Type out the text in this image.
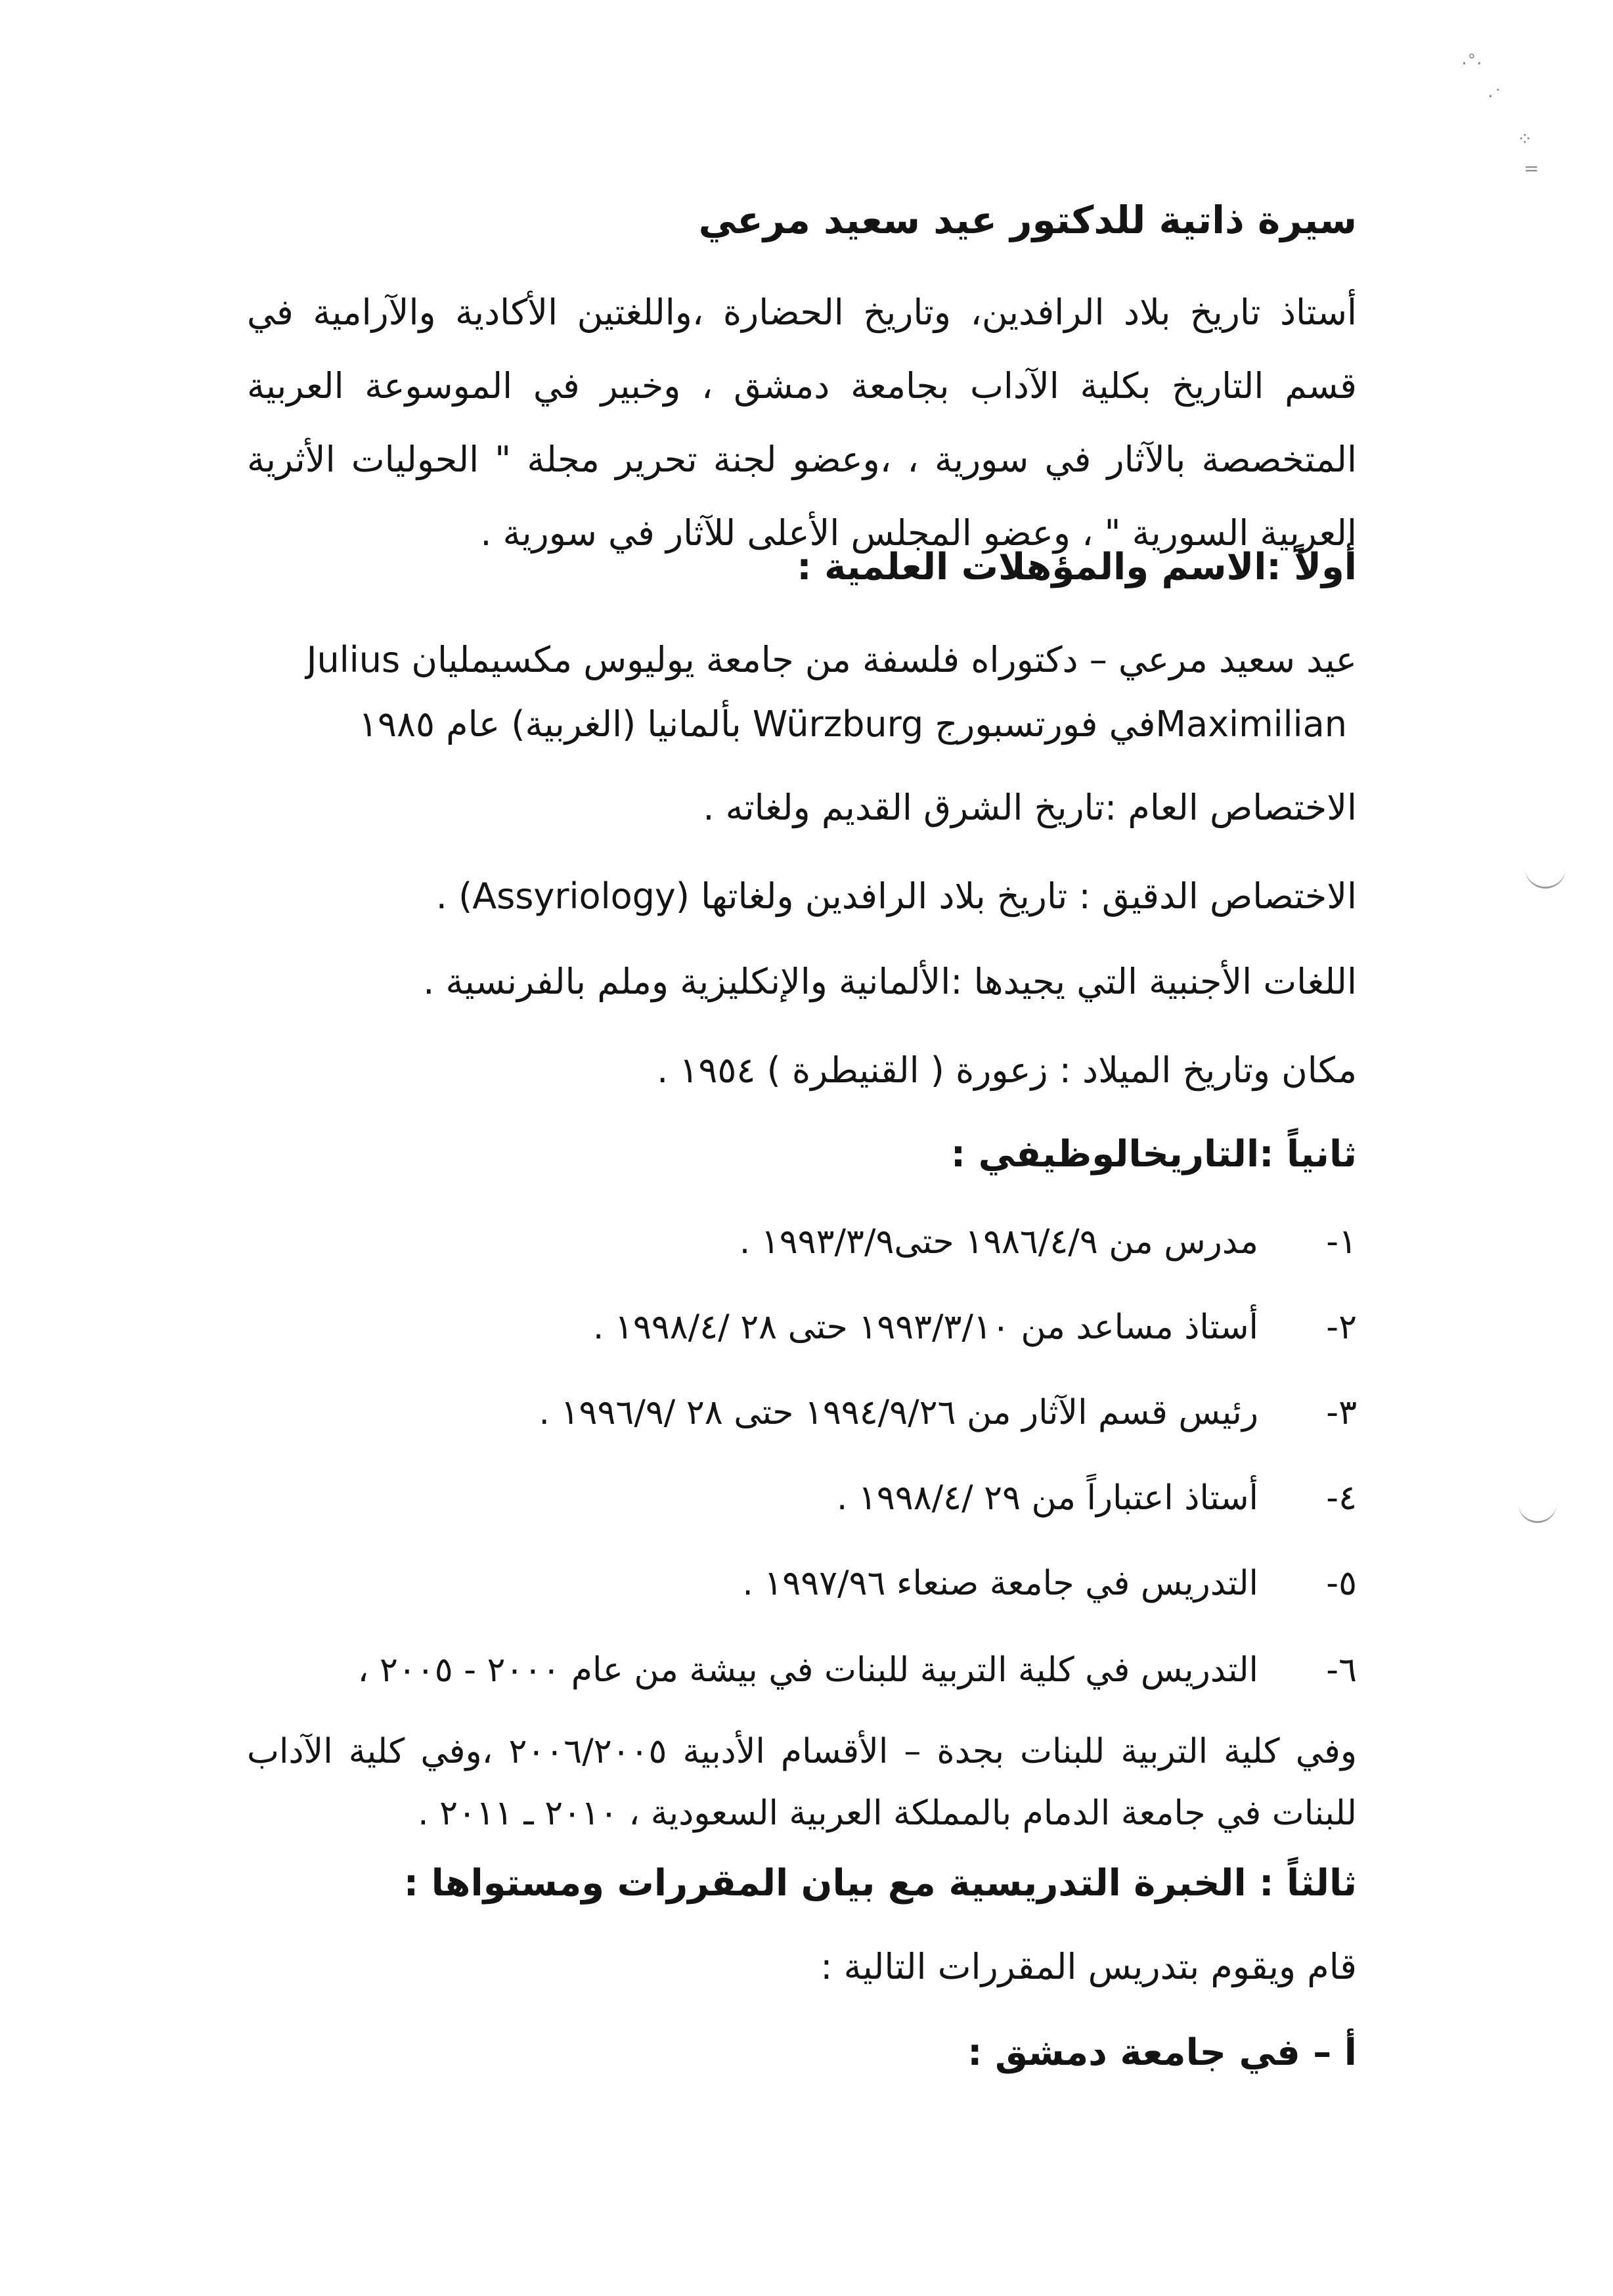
·˚·
˙·
⁘
=

سيرة ذاتية للدكتور عيد سعيد مرعي

أستاذ تاريخ بلاد الرافدين، وتاريخ الحضارة ،واللغتين الأكادية والآرامية في قسم التاريخ بكلية الآداب بجامعة دمشق ، وخبير في الموسوعة العربية المتخصصة بالآثار في سورية ، ،وعضو لجنة تحرير مجلة " الحوليات الأثرية العربية السورية " ، وعضو المجلس الأعلى للآثار في سورية .

أولاً :الاسم والمؤهلات العلمية :

عيد سعيد مرعي – دكتوراه فلسفة من جامعة يوليوس مكسيمليان Julius

Maximilianفي فورتسبورج Würzburg بألمانيا (الغربية) عام ١٩٨٥

الاختصاص العام :تاريخ الشرق القديم ولغاته .

الاختصاص الدقيق : تاريخ بلاد الرافدين ولغاتها (Assyriology) .

اللغات الأجنبية التي يجيدها :الألمانية والإنكليزية وملم بالفرنسية .

مكان وتاريخ الميلاد : زعورة ( القنيطرة ) ١٩٥٤ .

ثانياً :التاريخالوظيفي :

١-
مدرس من ١٩٨٦/٤/٩ حتى١٩٩٣/٣/٩ .
٢-
أستاذ مساعد من ١٩٩٣/٣/١٠ حتى ٢٨ /١٩٩٨/٤ .
٣-
رئيس قسم الآثار من ١٩٩٤/٩/٢٦ حتى ٢٨ /١٩٩٦/٩ .
٤-
أستاذ اعتباراً من ٢٩ /١٩٩٨/٤ .
٥-
التدريس في جامعة صنعاء ١٩٩٧/٩٦ .
٦-
التدريس في كلية التربية للبنات في بيشة من عام ٢٠٠٠ - ٢٠٠٥ ،

وفي كلية التربية للبنات بجدة – الأقسام الأدبية ٢٠٠٦/٢٠٠٥ ،وفي كلية الآداب للبنات في جامعة الدمام بالمملكة العربية السعودية ، ٢٠١٠ ـ ٢٠١١ .

ثالثاً : الخبرة التدريسية مع بيان المقررات ومستواها :

قام ويقوم بتدريس المقررات التالية :

أ – في جامعة دمشق :
